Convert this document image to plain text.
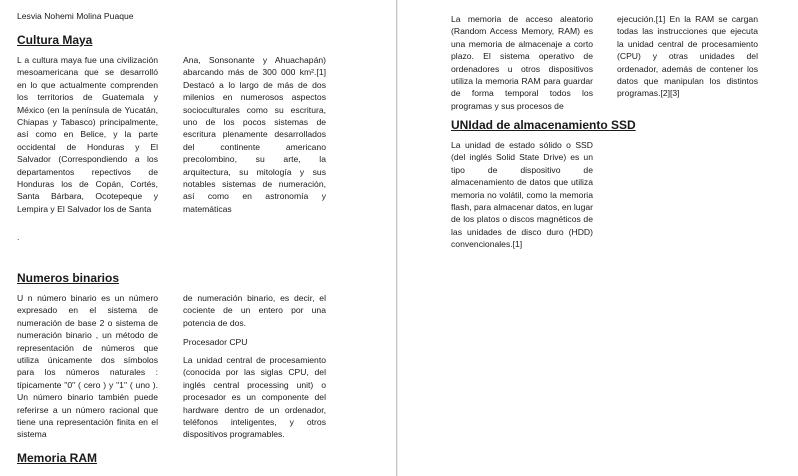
Lesvia Nohemi Molina Puaque
Cultura Maya
L a cultura maya fue una civilización mesoamericana que se desarrolló en lo que actualmente comprenden los territorios de Guatemala y México (en la península de Yucatán, Chiapas y Tabasco) principalmente, así como en Belice, y la parte occidental de Honduras y El Salvador (Correspondiendo a los departamentos repectivos de Honduras los de Copán, Cortés, Santa Bárbara, Ocotepeque y Lempira y El Salvador los de Santa
.
Ana, Sonsonante y Ahuachapán) abarcando más de 300 000 km².[1] Destacó a lo largo de más de dos milenios en numerosos aspectos socioculturales como su escritura, uno de los pocos sistemas de escritura plenamente desarrollados del continente americano precolombino, su arte, la arquitectura, su mitología y sus notables sistemas de numeración, así como en astronomía y matemáticas
Numeros binarios
U n número binario es un número expresado en el sistema de numeración de base 2 o sistema de numeración binario , un método de representación de números que utiliza únicamente dos símbolos para los números naturales : típicamente "0" ( cero ) y "1" ( uno ). Un número binario también puede referirse a un número racional que tiene una representación finita en el sistema
de numeración binario, es decir, el cociente de un entero por una potencia de dos.
Procesador CPU
La unidad central de procesamiento (conocida por las siglas CPU, del inglés central processing unit) o procesador es un componente del hardware dentro de un ordenador, teléfonos inteligentes, y otros dispositivos programables.
Memoria RAM
La memoria de acceso aleatorio (Random Access Memory, RAM) es una memoria de almacenaje a corto plazo. El sistema operativo de ordenadores u otros dispositivos utiliza la memoria RAM para guardar de forma temporal todos los programas y sus procesos de
ejecución.[1] En la RAM se cargan todas las instrucciones que ejecuta la unidad central de procesamiento (CPU) y otras unidades del ordenador, además de contener los datos que manipulan los distintos programas.[2][3]
UNIdad de almacenamiento SSD
La unidad de estado sólido o SSD (del inglés Solid State Drive) es un tipo de dispositivo de almacenamiento de datos que utiliza memoria no volátil, como la memoria flash, para almacenar datos, en lugar de los platos o discos magnéticos de las unidades de disco duro (HDD) convencionales.[1]
